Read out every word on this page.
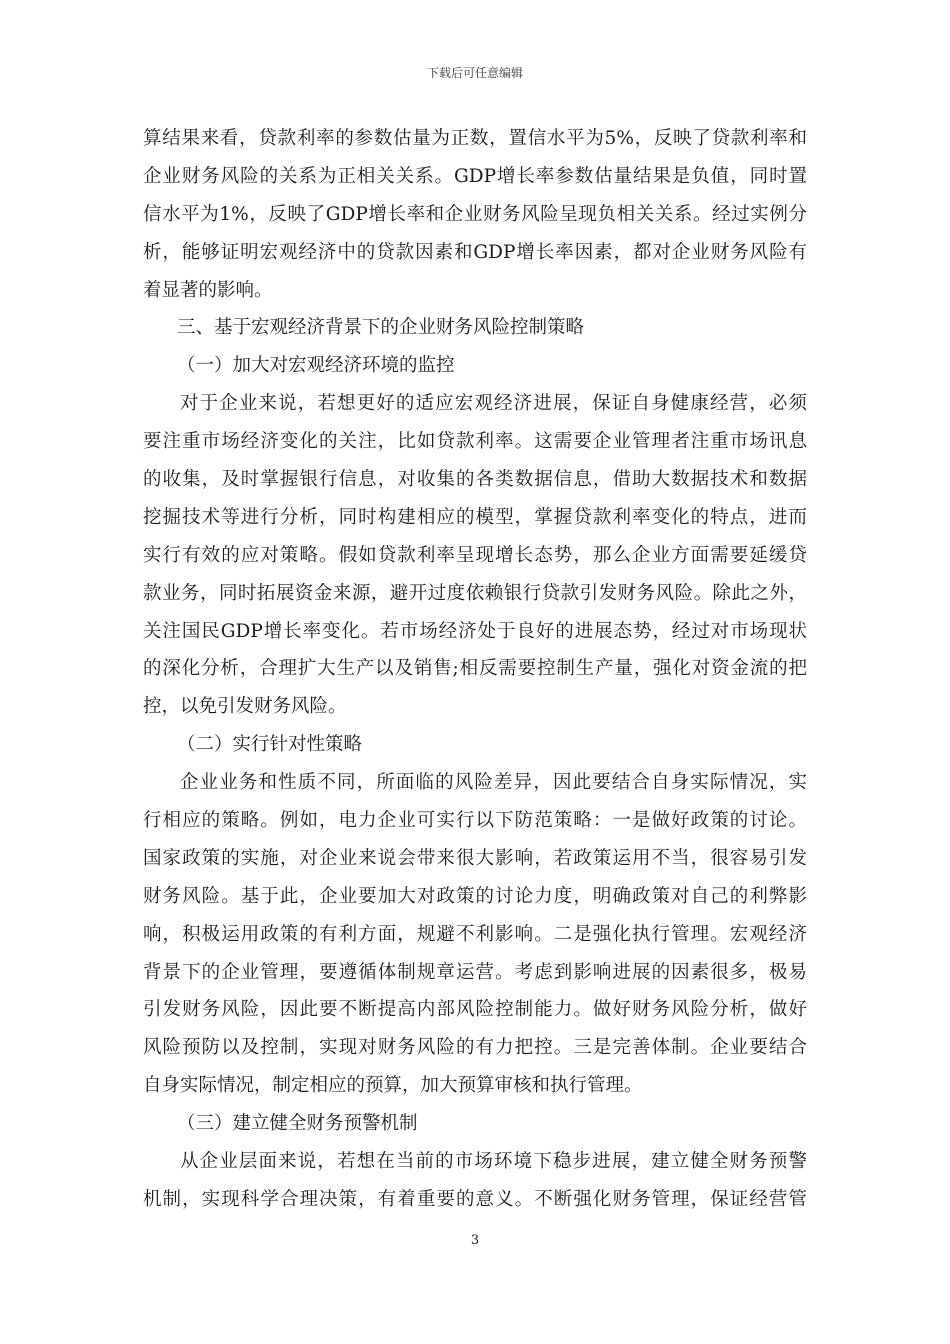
下载后可任意编辑
算结果来看，贷款利率的参数估量为正数，置信水平为5%，反映了贷款利率和
企业财务风险的关系为正相关关系。GDP增长率参数估量结果是负值，同时置
信水平为1%，反映了GDP增长率和企业财务风险呈现负相关关系。经过实例分
析，能够证明宏观经济中的贷款因素和GDP增长率因素，都对企业财务风险有
着显著的影响。
三、基于宏观经济背景下的企业财务风险控制策略
（一）加大对宏观经济环境的监控
对于企业来说，若想更好的适应宏观经济进展，保证自身健康经营，必须
要注重市场经济变化的关注，比如贷款利率。这需要企业管理者注重市场讯息
的收集，及时掌握银行信息，对收集的各类数据信息，借助大数据技术和数据
挖掘技术等进行分析，同时构建相应的模型，掌握贷款利率变化的特点，进而
实行有效的应对策略。假如贷款利率呈现增长态势，那么企业方面需要延缓贷
款业务，同时拓展资金来源，避开过度依赖银行贷款引发财务风险。除此之外，
关注国民GDP增长率变化。若市场经济处于良好的进展态势，经过对市场现状
的深化分析，合理扩大生产以及销售;相反需要控制生产量，强化对资金流的把
控，以免引发财务风险。
（二）实行针对性策略
企业业务和性质不同，所面临的风险差异，因此要结合自身实际情况，实
行相应的策略。例如，电力企业可实行以下防范策略：一是做好政策的讨论。
国家政策的实施，对企业来说会带来很大影响，若政策运用不当，很容易引发
财务风险。基于此，企业要加大对政策的讨论力度，明确政策对自己的利弊影
响，积极运用政策的有利方面，规避不利影响。二是强化执行管理。宏观经济
背景下的企业管理，要遵循体制规章运营。考虑到影响进展的因素很多，极易
引发财务风险，因此要不断提高内部风险控制能力。做好财务风险分析，做好
风险预防以及控制，实现对财务风险的有力把控。三是完善体制。企业要结合
自身实际情况，制定相应的预算，加大预算审核和执行管理。
（三）建立健全财务预警机制
从企业层面来说，若想在当前的市场环境下稳步进展，建立健全财务预警
机制，实现科学合理决策，有着重要的意义。不断强化财务管理，保证经营管
3
